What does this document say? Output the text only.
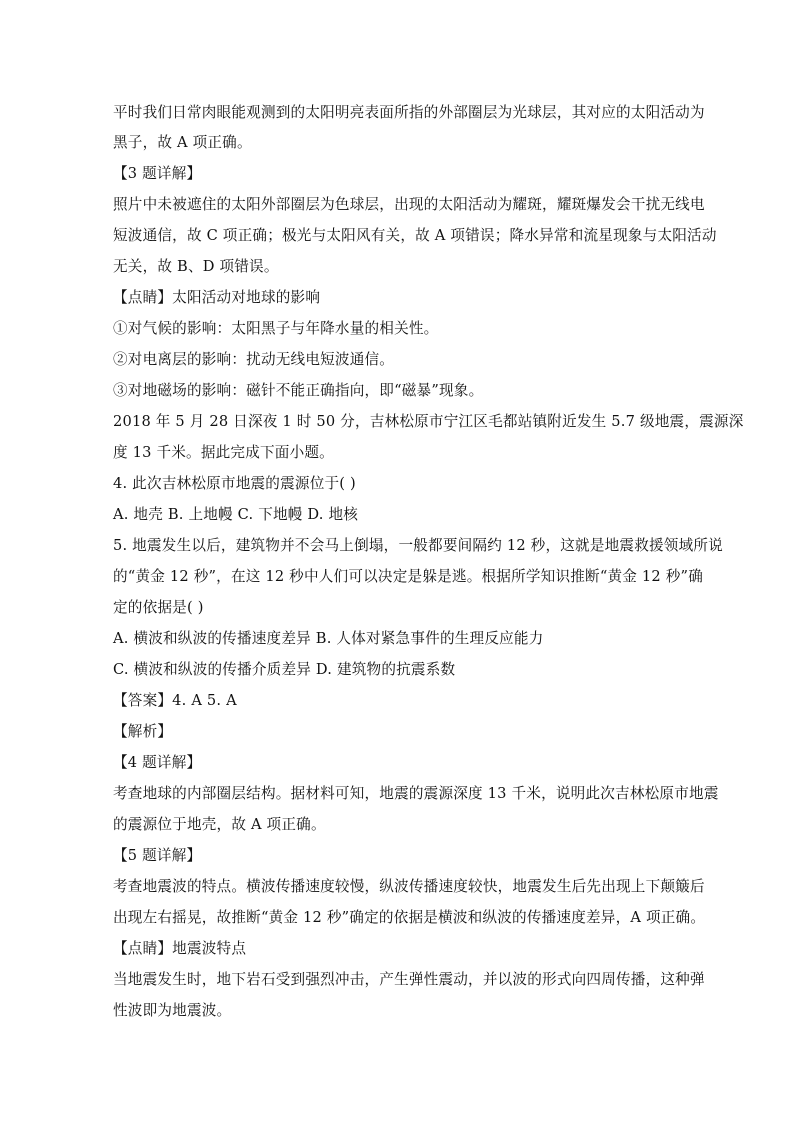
平时我们日常肉眼能观测到的太阳明亮表面所指的外部圈层为光球层，其对应的太阳活动为
黑子，故 A 项正确。
【3 题详解】
照片中未被遮住的太阳外部圈层为色球层，出现的太阳活动为耀斑，耀斑爆发会干扰无线电
短波通信，故 C 项正确；极光与太阳风有关，故 A 项错误；降水异常和流星现象与太阳活动
无关，故 B、D 项错误。
【点睛】太阳活动对地球的影响
①对气候的影响：太阳黑子与年降水量的相关性。
②对电离层的影响：扰动无线电短波通信。
③对地磁场的影响：磁针不能正确指向，即“磁暴”现象。
2018 年 5 月 28 日深夜 1 时 50 分，吉林松原市宁江区毛都站镇附近发生 5.7 级地震，震源深
度 13 千米。据此完成下面小题。
4. 此次吉林松原市地震的震源位于( )
A. 地壳 B. 上地幔 C. 下地幔 D. 地核
5. 地震发生以后，建筑物并不会马上倒塌，一般都要间隔约 12 秒，这就是地震救援领域所说
的“黄金 12 秒”，在这 12 秒中人们可以决定是躲是逃。根据所学知识推断“黄金 12 秒”确
定的依据是( )
A. 横波和纵波的传播速度差异 B. 人体对紧急事件的生理反应能力
C. 横波和纵波的传播介质差异 D. 建筑物的抗震系数
【答案】4. A 5. A
【解析】
【4 题详解】
考查地球的内部圈层结构。据材料可知，地震的震源深度 13 千米，说明此次吉林松原市地震
的震源位于地壳，故 A 项正确。
【5 题详解】
考查地震波的特点。横波传播速度较慢，纵波传播速度较快，地震发生后先出现上下颠簸后
出现左右摇晃，故推断“黄金 12 秒”确定的依据是横波和纵波的传播速度差异，A 项正确。
【点睛】地震波特点
当地震发生时，地下岩石受到强烈冲击，产生弹性震动，并以波的形式向四周传播，这种弹
性波即为地震波。
